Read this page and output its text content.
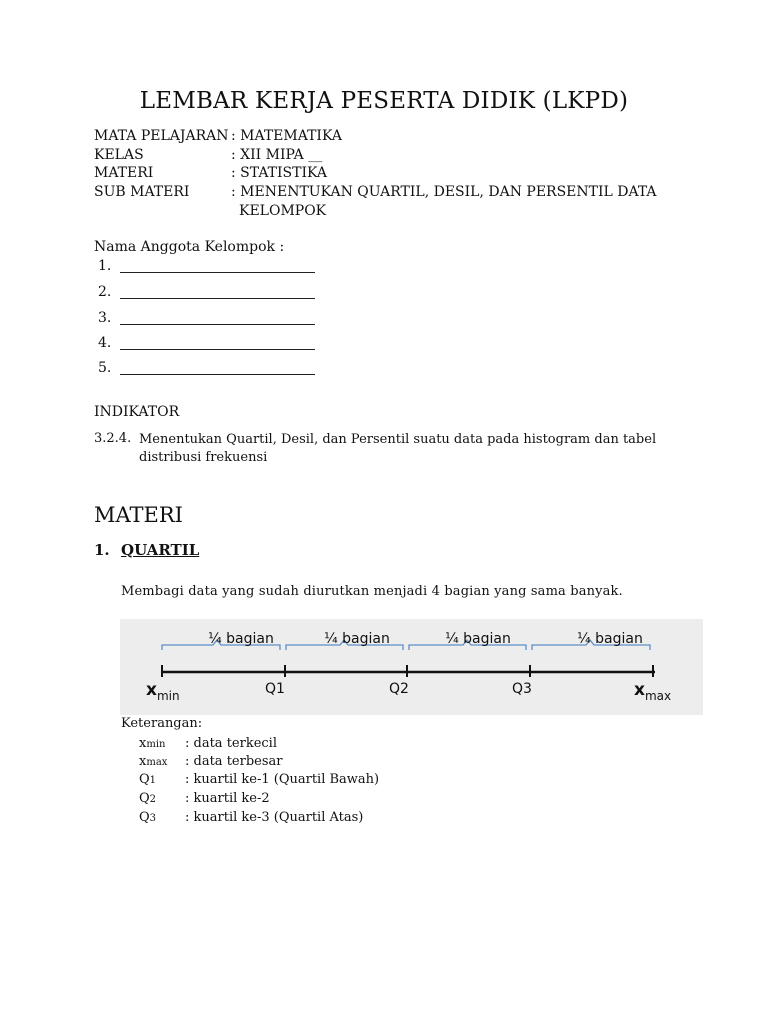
LEMBAR KERJA PESERTA DIDIK (LKPD)
MATA PELAJARAN : MATEMATIKA
KELAS	: XII MIPA __
MATERI	: STATISTIKA
SUB MATERI	: MENENTUKAN QUARTIL, DESIL, DAN PERSENTIL DATA
KELOMPOK
Nama Anggota Kelompok :
1.
2.
3.
4.
5.
INDIKATOR
3.2.4. Menentukan Quartil, Desil, dan Persentil suatu data pada histogram dan tabel distribusi frekuensi
MATERI
1. QUARTIL
Membagi data yang sudah diurutkan menjadi 4 bagian yang sama banyak.
¼ bagian	¼ bagian	¼ bagian	¼ bagian
$x_{min}$	Q1	Q2	Q3	$x_{max}$
Keterangan:
xmin : data terkecil
xmax : data terbesar
Q1 : kuartil ke-1 (Quartil Bawah)
Q2 : kuartil ke-2
Q3 : kuartil ke-3 (Quartil Atas)
